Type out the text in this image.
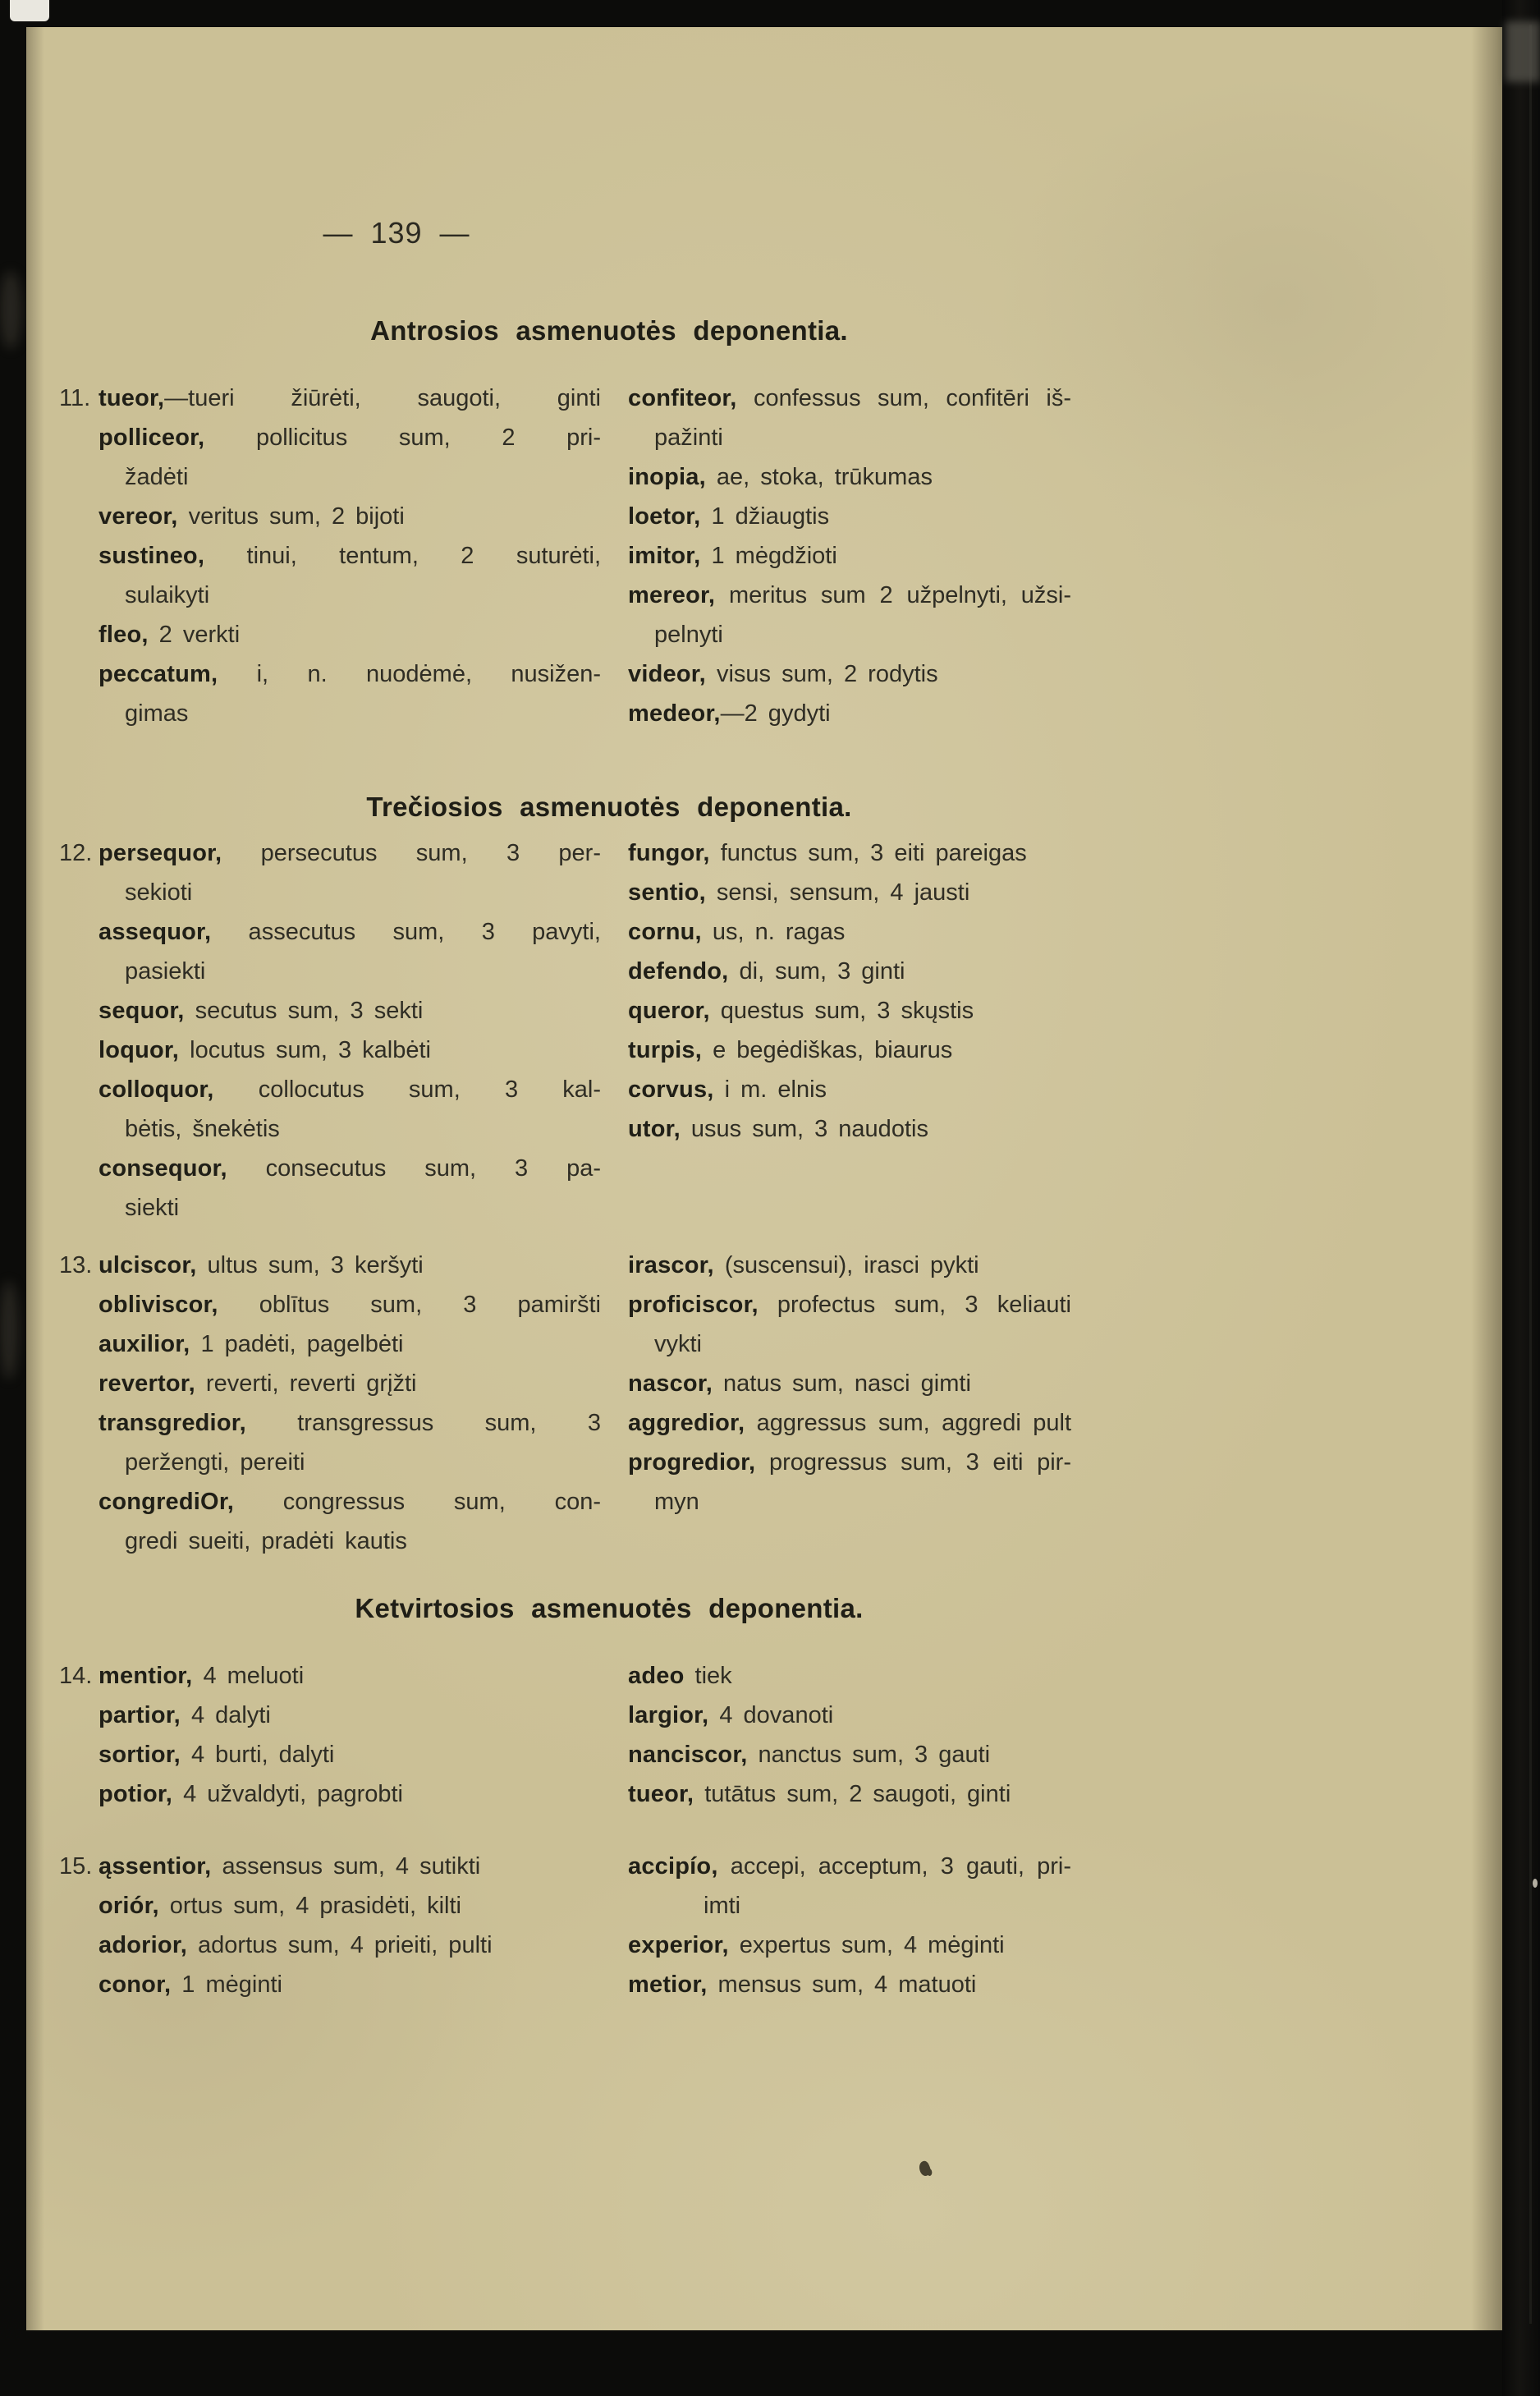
— 139 —
Antrosios asmenuotės deponentia.
11. tueor,—tueri žiūrėti, saugoti, ginti
polliceor, pollicitus sum, 2 pri-
žadėti
vereor, veritus sum, 2 bijoti
sustineo, tinui, tentum, 2 suturėti,
sulaikyti
fleo, 2 verkti
peccatum, i, n. nuodėmė, nusižen-
gimas
confiteor, confessus sum, confitēri iš-
pažinti
inopia, ae, stoka, trūkumas
loetor, 1 džiaugtis
imitor, 1 mėgdžioti
mereor, meritus sum 2 užpelnyti, užsi-
pelnyti
videor, visus sum, 2 rodytis
medeor,—2 gydyti
Trečiosios asmenuotės deponentia.
12. persequor, persecutus sum, 3 per-
sekioti
assequor, assecutus sum, 3 pavyti,
pasiekti
sequor, secutus sum, 3 sekti
loquor, locutus sum, 3 kalbėti
colloquor, collocutus sum, 3 kal-
bėtis, šnekėtis
consequor, consecutus sum, 3 pa-
siekti
fungor, functus sum, 3 eiti pareigas
sentio, sensi, sensum, 4 jausti
cornu, us, n. ragas
defendo, di, sum, 3 ginti
queror, questus sum, 3 skųstis
turpis, e begėdiškas, biaurus
corvus, i m. elnis
utor, usus sum, 3 naudotis
13. ulciscor, ultus sum, 3 keršyti
obliviscor, oblītus sum, 3 pamiršti
auxilior, 1 padėti, pagelbėti
revertor, reverti, reverti grįžti
transgredior, transgressus sum, 3
peržengti, pereiti
congrediOr, congressus sum, con-
gredi sueiti, pradėti kautis
irascor, (suscensui), irasci pykti
proficiscor, profectus sum, 3 keliauti
vykti
nascor, natus sum, nasci gimti
aggredior, aggressus sum, aggredi pult
progredior, progressus sum, 3 eiti pir-
myn
Ketvirtosios asmenuotės deponentia.
14. mentior, 4 meluoti
partior, 4 dalyti
sortior, 4 burti, dalyti
potior, 4 užvaldyti, pagrobti
adeo tiek
largior, 4 dovanoti
nanciscor, nanctus sum, 3 gauti
tueor, tutātus sum, 2 saugoti, ginti
15. ąssentior, assensus sum, 4 sutikti
oriór, ortus sum, 4 prasidėti, kilti
adorior, adortus sum, 4 prieiti, pulti
conor, 1 mėginti
accipío, accepi, acceptum, 3 gauti, pri-
imti
experior, expertus sum, 4 mėginti
metior, mensus sum, 4 matuoti
